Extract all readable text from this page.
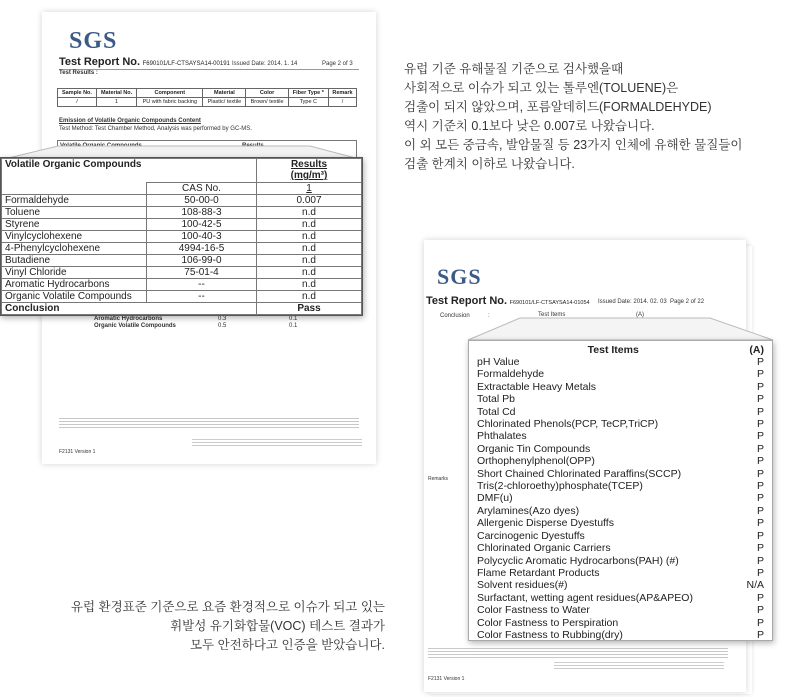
SGS
Test Report No. F690101/LF-CTSAYSA14-00191 Issued Date: 2014. 1. 14	Page 2 of 3
Test Results :
Sample No.	Material No.	Component	Material	Color	Fiber Type *	Remark
/	1	PU with fabric backing	Plastic/ textile	Brown/ textile	Type C	/
Emission of Volatile Organic Compounds Content
Test Method: Test Chamber Method, Analysis was performed by GC-MS.
Aromatic Hydrocarbons	0.3	0.1
Organic Volatile Compounds	0.5	0.1
F2131 Version 1
Volatile Organic Compounds		Results
(mg/m³)

	CAS No.	1
Formaldehyde	50-00-0	0.007
Toluene	108-88-3	n.d
Styrene	100-42-5	n.d
Vinylcyclohexene	100-40-3	n.d
4-Phenylcyclohexene	4994-16-5	n.d
Butadiene	106-99-0	n.d
Vinyl Chloride	75-01-4	n.d
Aromatic Hydrocarbons	--	n.d
Organic Volatile Compounds	--	n.d
Conclusion		Pass
SGS
Test Report No. F690101/LF-CTSAYSA14-01054 Issued Date: 2014. 02. 03 Page 2 of 22
Conclusion	:	Test Items	(A)
Remarks
F2131 Version 1
Test Items	(A)
pH Value	P
Formaldehyde	P
Extractable Heavy Metals	P
Total Pb	P
Total Cd	P
Chlorinated Phenols(PCP, TeCP,TriCP)	P
Phthalates	P
Organic Tin Compounds	P
Orthophenylphenol(OPP)	P
Short Chained Chlorinated Paraffins(SCCP)	P
Tris(2-chloroethy)phosphate(TCEP)	P
DMF(u)	P
Arylamines(Azo dyes)	P
Allergenic Disperse Dyestuffs	P
Carcinogenic Dyestuffs	P
Chlorinated Organic Carriers	P
Polycyclic Aromatic Hydrocarbons(PAH) (#)	P
Flame Retardant Products	P
Solvent residues(#)	N/A
Surfactant, wetting agent residues(AP&APEO)	P
Color Fastness to Water	P
Color Fastness to Perspiration	P
Color Fastness to Rubbing(dry)	P
유럽 기준 유해물질 기준으로 검사했을때
사회적으로 이슈가 되고 있는 톨루엔(TOLUENE)은
검출이 되지 않았으며, 포름알데히드(FORMALDEHYDE)
역시 기준치 0.1보다 낮은 0.007로 나왔습니다.
이 외 모든 중금속, 발암물질 등 23가지 인체에 유해한 물질들이
검출 한계치 이하로 나왔습니다.
유럽 환경표준 기준으로 요즘 환경적으로 이슈가 되고 있는
휘발성 유기화합물(VOC) 테스트 결과가
모두 안전하다고 인증을 받았습니다.
